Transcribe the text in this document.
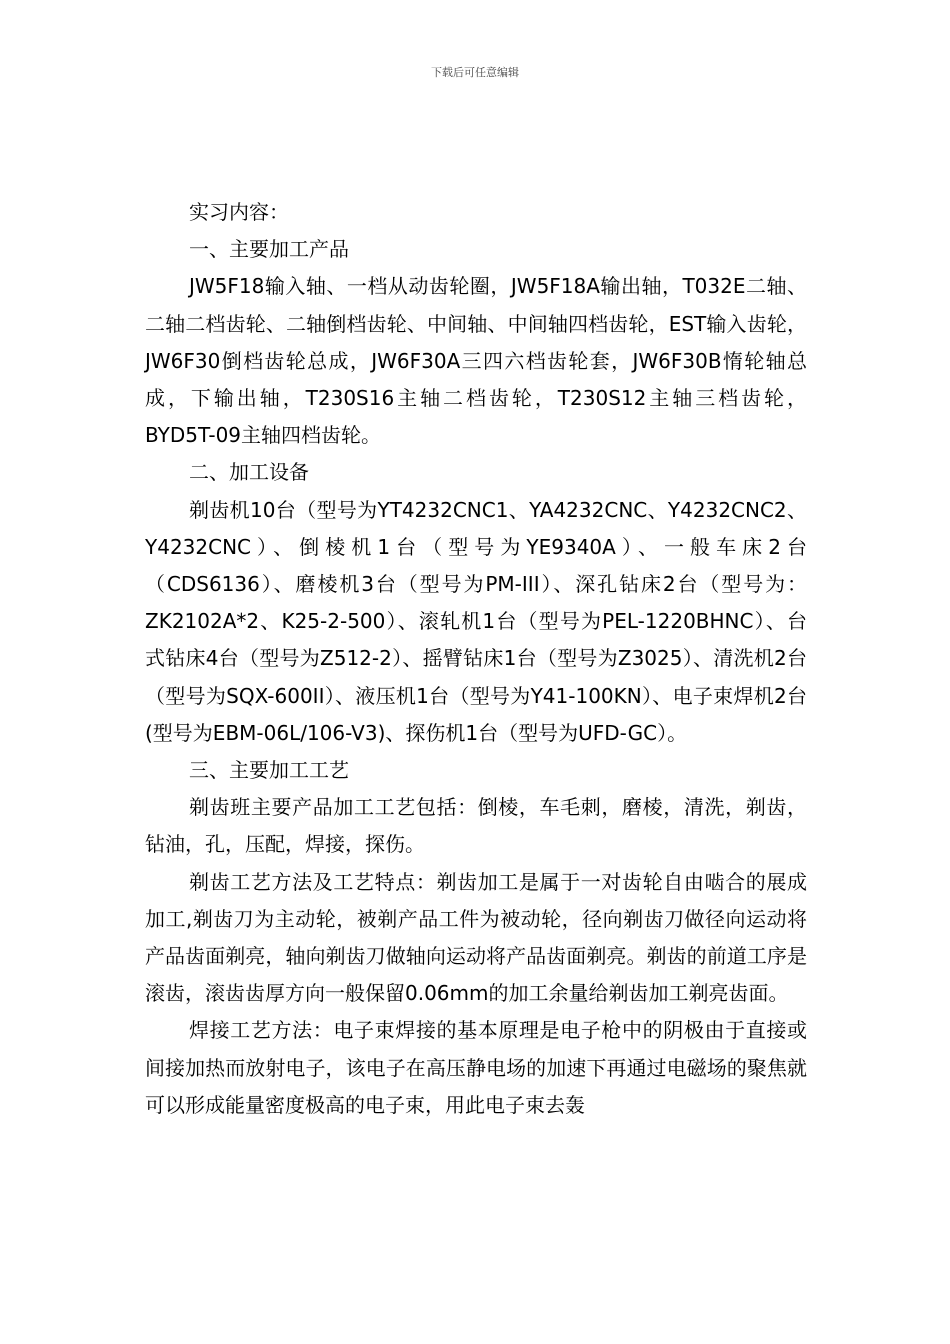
下载后可任意编辑

实习内容：

一、主要加工产品

JW5F18输入轴、一档从动齿轮圈，JW5F18A输出轴，T032E二轴、二轴二档齿轮、二轴倒档齿轮、中间轴、中间轴四档齿轮，EST输入齿轮，JW6F30倒档齿轮总成，JW6F30A三四六档齿轮套，JW6F30B惰轮轴总成，下输出轴，T230S16主轴二档齿轮，T230S12主轴三档齿轮，BYD5T-09主轴四档齿轮。

二、加工设备

剃齿机10台（型号为YT4232CNC1、YA4232CNC、Y4232CNC2、Y4232CNC）、倒棱机1台（型号为YE9340A）、一般车床2台（CDS6136）、磨棱机3台（型号为PM-III）、深孔钻床2台（型号为：ZK2102A*2、K25-2-500）、滚轧机1台（型号为PEL-1220BHNC）、台式钻床4台（型号为Z512-2）、摇臂钻床1台（型号为Z3025）、清洗机2台（型号为SQX-600II）、液压机1台（型号为Y41-100KN）、电子束焊机2台(型号为EBM-06L/106-V3)、探伤机1台（型号为UFD-GC）。

三、主要加工工艺

剃齿班主要产品加工工艺包括：倒棱，车毛刺，磨棱，清洗，剃齿，钻油，孔，压配，焊接，探伤。

剃齿工艺方法及工艺特点：剃齿加工是属于一对齿轮自由啮合的展成加工,剃齿刀为主动轮，被剃产品工件为被动轮，径向剃齿刀做径向运动将产品齿面剃亮，轴向剃齿刀做轴向运动将产品齿面剃亮。剃齿的前道工序是滚齿，滚齿齿厚方向一般保留0.06mm的加工余量给剃齿加工剃亮齿面。

焊接工艺方法：电子束焊接的基本原理是电子枪中的阴极由于直接或间接加热而放射电子，该电子在高压静电场的加速下再通过电磁场的聚焦就可以形成能量密度极高的电子束，用此电子束去轰
